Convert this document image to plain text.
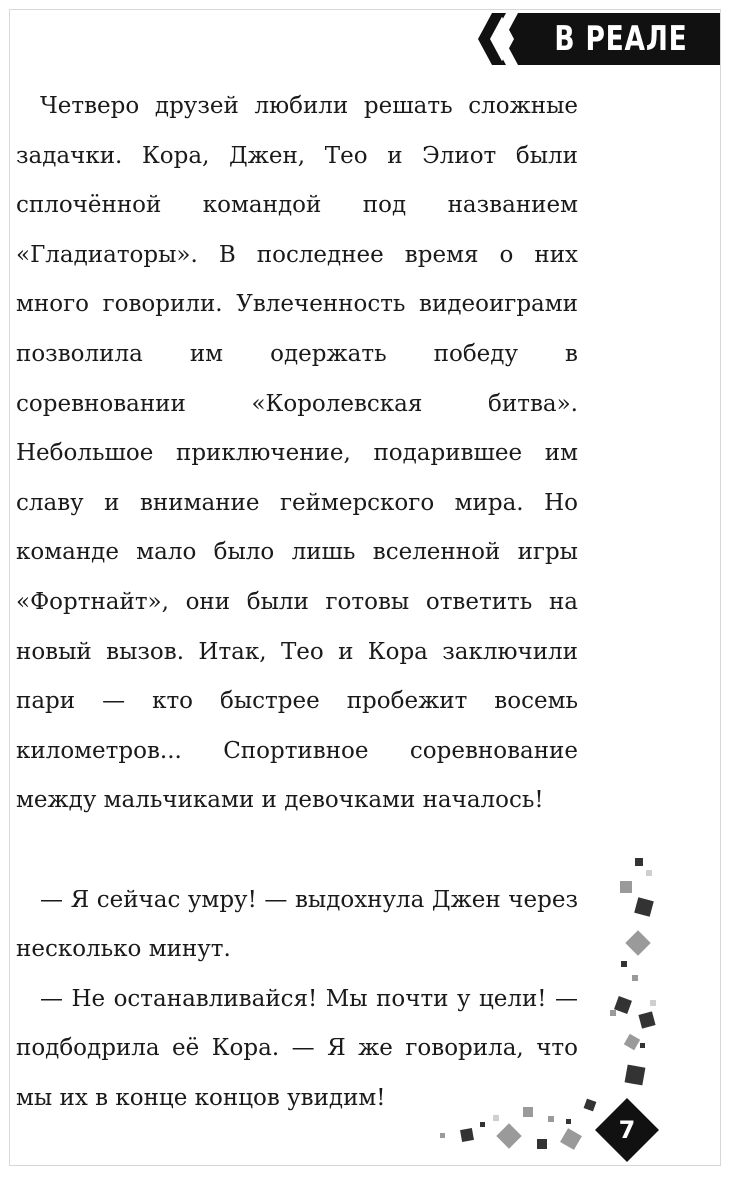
В РЕАЛЕ

Четверо друзей любили решать сложные задачки. Кора, Джен, Тео и Элиот были сплочённой командой под названием «Гладиаторы». В последнее время о них много говорили. Увлеченность видеоиграми позволила им одержать победу в соревновании «Королевская битва». Небольшое приключение, подарившее им славу и внимание геймерского мира. Но команде мало было лишь вселенной игры «Фортнайт», они были готовы ответить на новый вызов. Итак, Тео и Кора заключили пари — кто быстрее пробежит восемь километров... Спортивное соревнование между мальчиками и девочками началось!

— Я сейчас умру! — выдохнула Джен через несколько минут.

— Не останавливайся! Мы почти у цели! — подбодрила её Кора. — Я же говорила, что мы их в конце концов увидим!

7
